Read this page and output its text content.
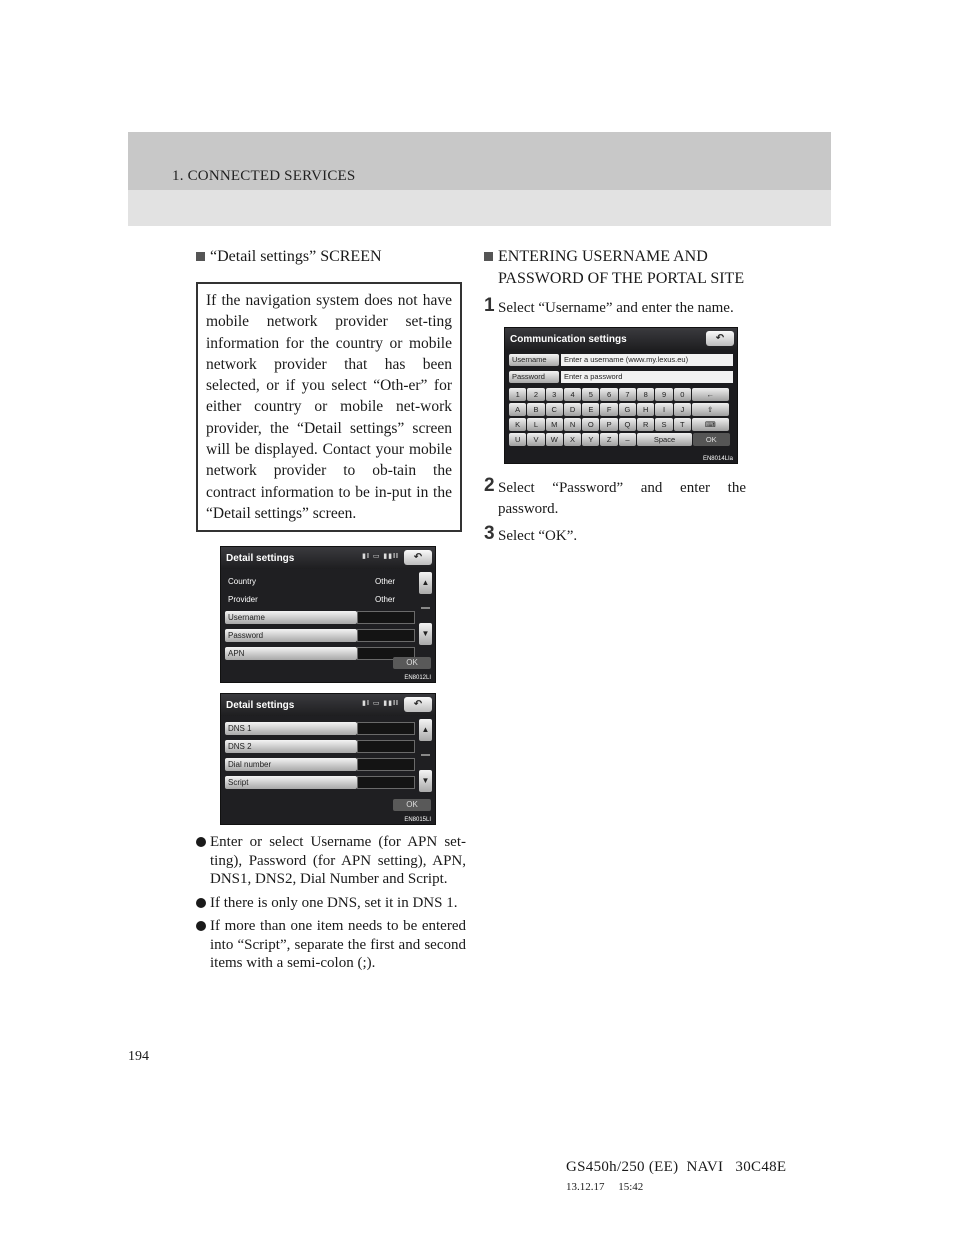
1. CONNECTED SERVICES
“Detail settings” SCREEN
If the navigation system does not have mobile network provider set-ting information for the country or mobile network provider that has been selected, or if you select “Oth-er” for either country or mobile net-work provider, the “Detail settings” screen will be displayed. Contact your mobile network provider to ob-tain the contract information to be in-put in the “Detail settings” screen.
Detail settings	▮I ▭ ▮▮II	↶
Country	Other
Provider	Other
Username
Password
APN
▲
▼
OK
EN8012LI
Detail settings	▮I ▭ ▮▮II	↶
DNS 1
DNS 2
Dial number
Script
▲
▼
OK
EN8015LI
Enter or select Username (for APN set-ting), Password (for APN setting), APN, DNS1, DNS2, Dial Number and Script.
If there is only one DNS, set it in DNS 1.
If more than one item needs to be entered into “Script”, separate the first and second items with a semi-colon (;).
ENTERING USERNAME AND PASSWORD OF THE PORTAL SITE
1 Select “Username” and enter the name.
Communication settings	↶
Username	Enter a username (www.my.lexus.eu)
Password	Enter a password
1	2	3	4	5	6	7	8	9	0	←
A	B	C	D	E	F	G	H	I	J	⇧
K	L	M	N	O	P	Q	R	S	T	⌨
U	V	W	X	Y	Z	–	Space	OK
EN8014LIa
2 Select “Password” and enter the password.
3 Select “OK”.
194
GS450h/250 (EE)  NAVI   30C48E
13.12.17     15:42
